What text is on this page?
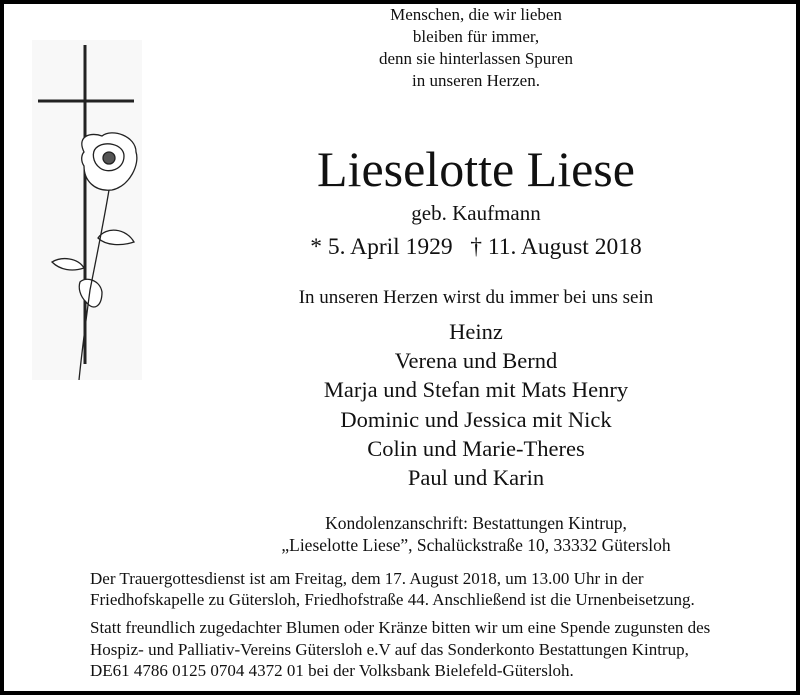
Menschen, die wir lieben
bleiben für immer,
denn sie hinterlassen Spuren
in unseren Herzen.
Lieselotte Liese
geb. Kaufmann
* 5. April 1929   † 11. August 2018
In unseren Herzen wirst du immer bei uns sein
Heinz
Verena und Bernd
Marja und Stefan mit Mats Henry
Dominic und Jessica mit Nick
Colin und Marie-Theres
Paul und Karin
Kondolenzanschrift: Bestattungen Kintrup,
„Lieselotte Liese”, Schalückstraße 10, 33332 Gütersloh
Der Trauergottesdienst ist am Freitag, dem 17. August 2018, um 13.00 Uhr in der
Friedhofskapelle zu Gütersloh, Friedhofstraße 44. Anschließend ist die Urnenbeisetzung.
Statt freundlich zugedachter Blumen oder Kränze bitten wir um eine Spende zugunsten des
Hospiz- und Palliativ-Vereins Gütersloh e.V auf das Sonderkonto Bestattungen Kintrup,
DE61 4786 0125 0704 4372 01 bei der Volksbank Bielefeld-Gütersloh.
